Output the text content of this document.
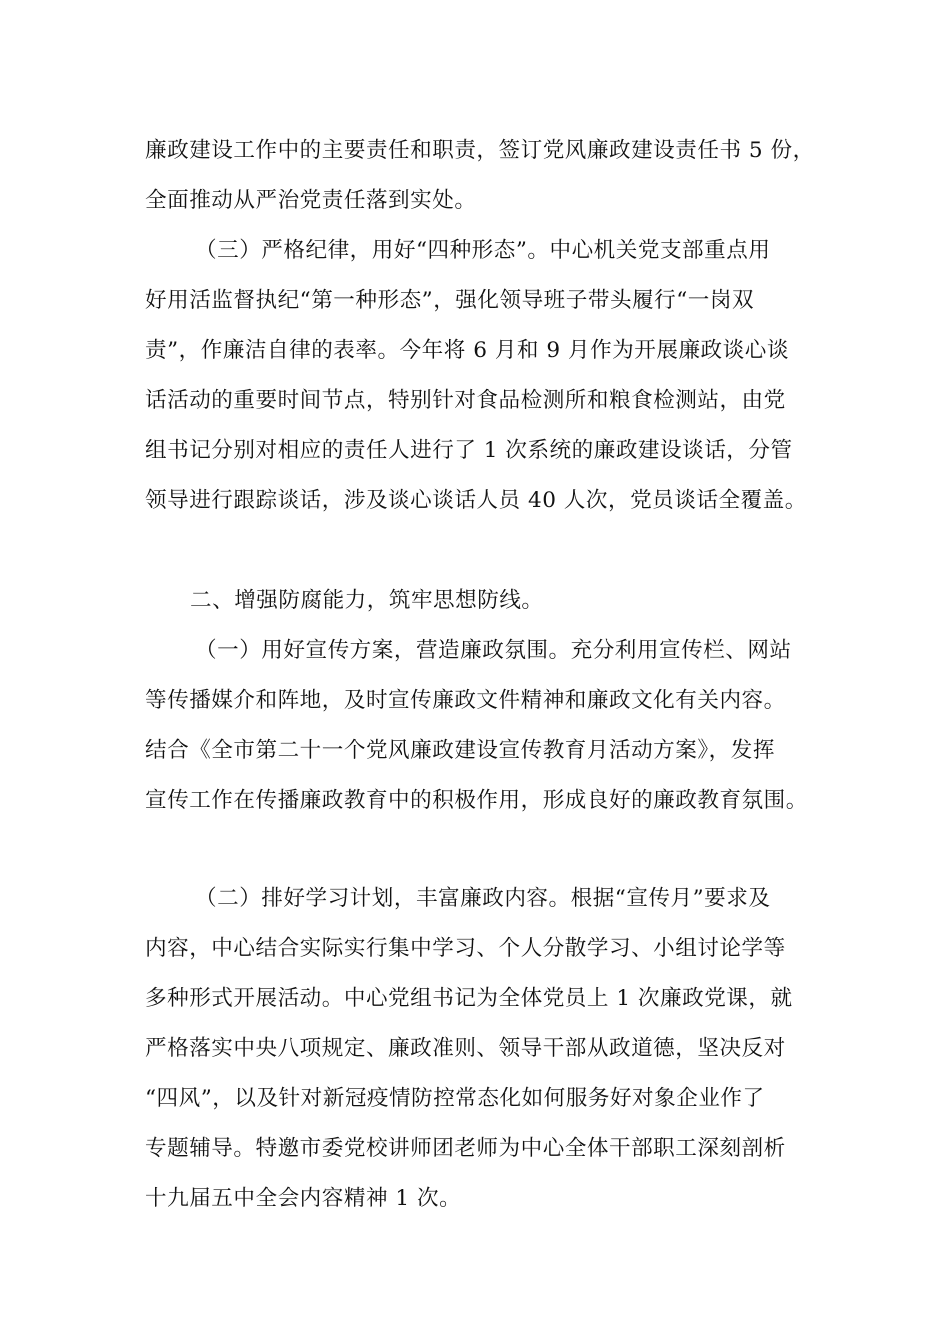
廉政建设工作中的主要责任和职责，签订党风廉政建设责任书 5 份，
全面推动从严治党责任落到实处。
（三）严格纪律，用好“四种形态”。中心机关党支部重点用
好用活监督执纪“第一种形态”，强化领导班子带头履行“一岗双
责”，作廉洁自律的表率。今年将 6 月和 9 月作为开展廉政谈心谈
话活动的重要时间节点，特别针对食品检测所和粮食检测站，由党
组书记分别对相应的责任人进行了 1 次系统的廉政建设谈话，分管
领导进行跟踪谈话，涉及谈心谈话人员 40 人次，党员谈话全覆盖。
二、增强防腐能力，筑牢思想防线。
（一）用好宣传方案，营造廉政氛围。充分利用宣传栏、网站
等传播媒介和阵地，及时宣传廉政文件精神和廉政文化有关内容。
结合《全市第二十一个党风廉政建设宣传教育月活动方案》，发挥
宣传工作在传播廉政教育中的积极作用，形成良好的廉政教育氛围。
（二）排好学习计划，丰富廉政内容。根据“宣传月”要求及
内容，中心结合实际实行集中学习、个人分散学习、小组讨论学等
多种形式开展活动。中心党组书记为全体党员上 1 次廉政党课，就
严格落实中央八项规定、廉政准则、领导干部从政道德，坚决反对
“四风”，以及针对新冠疫情防控常态化如何服务好对象企业作了
专题辅导。特邀市委党校讲师团老师为中心全体干部职工深刻剖析
十九届五中全会内容精神 1 次。
